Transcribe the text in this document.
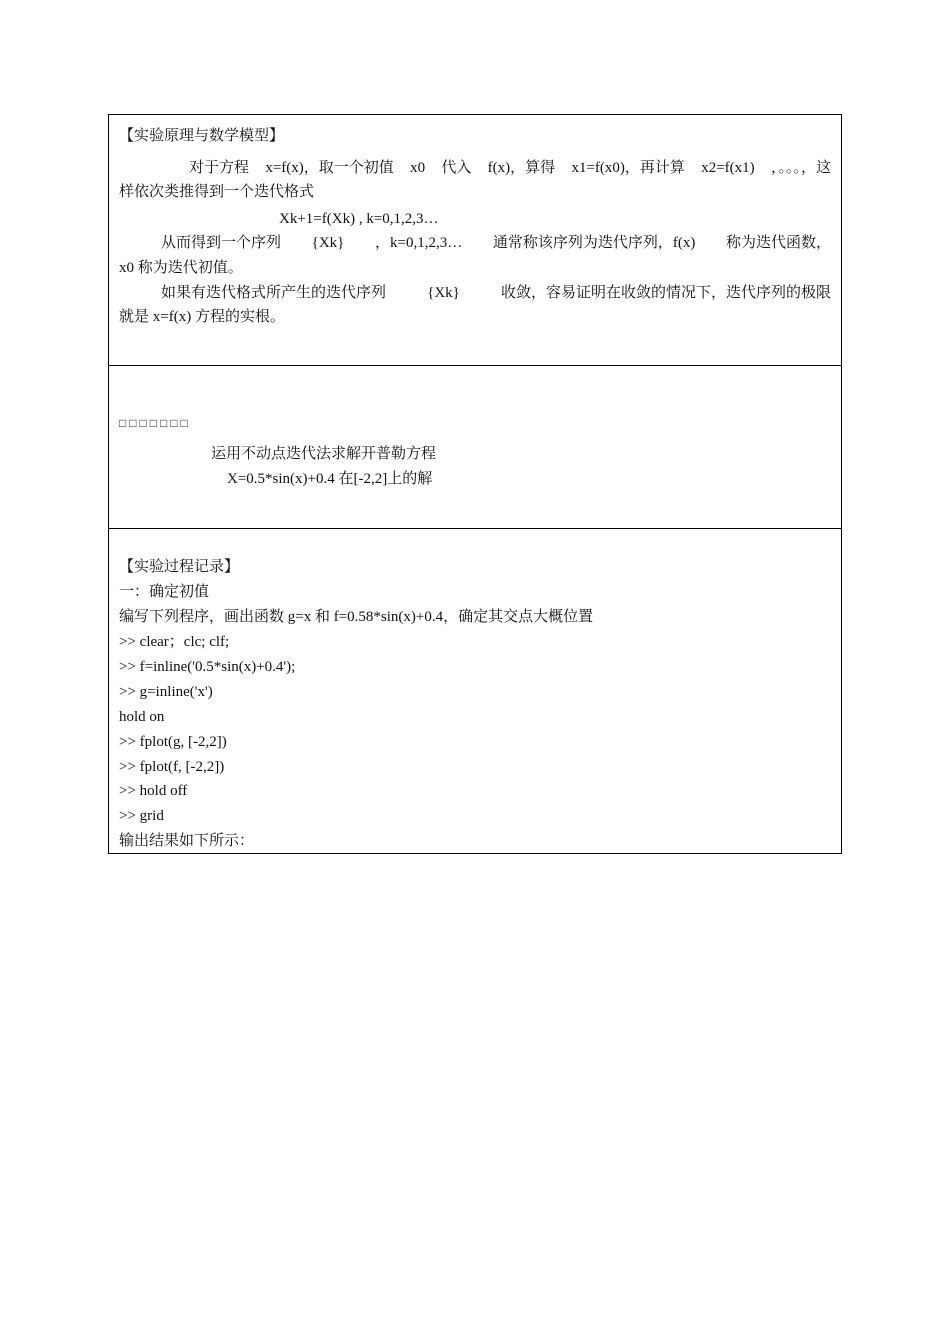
【实验原理与数学模型】
对于方程 x=f(x)，取一个初值 x0 代入 f(x)，算得 x1=f(x0)，再计算 x2=f(x1) ，。。。，这
样依次类推得到一个迭代格式
Xk+1=f(Xk) , k=0,1,2,3…
从而得到一个序列 {Xk} ，k=0,1,2,3… 通常称该序列为迭代序列，f(x) 称为迭代函数，
x0 称为迭代初值。
如果有迭代格式所产生的迭代序列	{Xk}	收敛，容易证明在收敛的情况下，迭代序列的极限
就是 x=f(x) 方程的实根。
□□□□□□□
运用不动点迭代法求解开普勒方程
X=0.5*sin(x)+0.4 在[-2,2]上的解
【实验过程记录】
一：确定初值
编写下列程序，画出函数 g=x 和 f=0.58*sin(x)+0.4，确定其交点大概位置
>> clear；clc; clf;
>> f=inline('0.5*sin(x)+0.4');
>> g=inline('x')
hold on
>> fplot(g, [-2,2])
>> fplot(f, [-2,2])
>> hold off
>> grid
输出结果如下所示：
